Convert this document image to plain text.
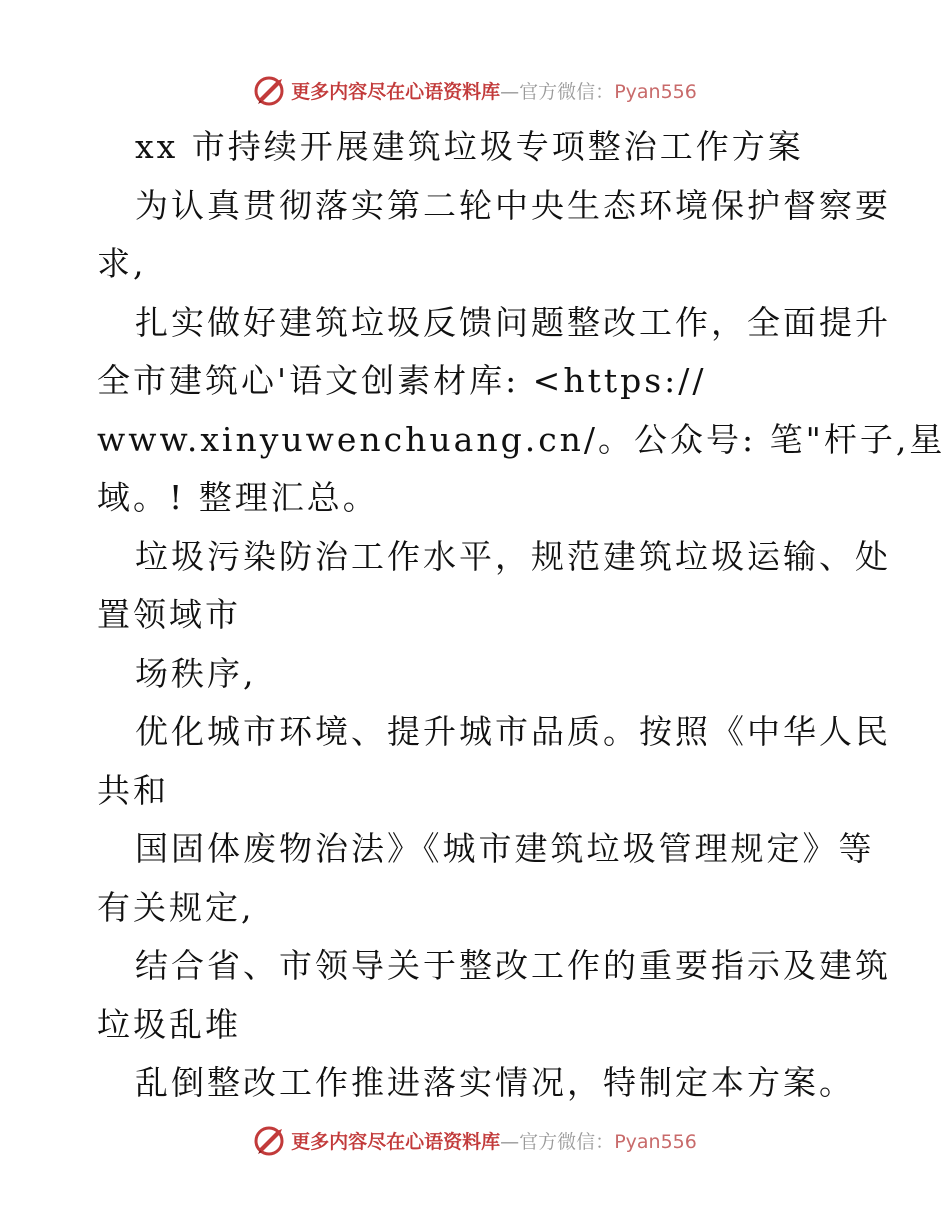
更多内容尽在心语资料库—官方微信：Pyan556
xx 市持续开展建筑垃圾专项整治工作方案
为认真贯彻落实第二轮中央生态环境保护督察要
求,
扎实做好建筑垃圾反馈问题整改工作，全面提升
全市建筑心'语文创素材库: <https://
www.xinyuwenchuang.cn/。公众号: 笔"杆子,星
域。! 整理汇总。
垃圾污染防治工作水平，规范建筑垃圾运输、处
置领域市
场秩序,
优化城市环境、提升城市品质。按照《中华人民
共和
国固体废物治法》《城市建筑垃圾管理规定》等
有关规定,
结合省、市领导关于整改工作的重要指示及建筑
垃圾乱堆
乱倒整改工作推进落实情况，特制定本方案。
更多内容尽在心语资料库—官方微信：Pyan556
